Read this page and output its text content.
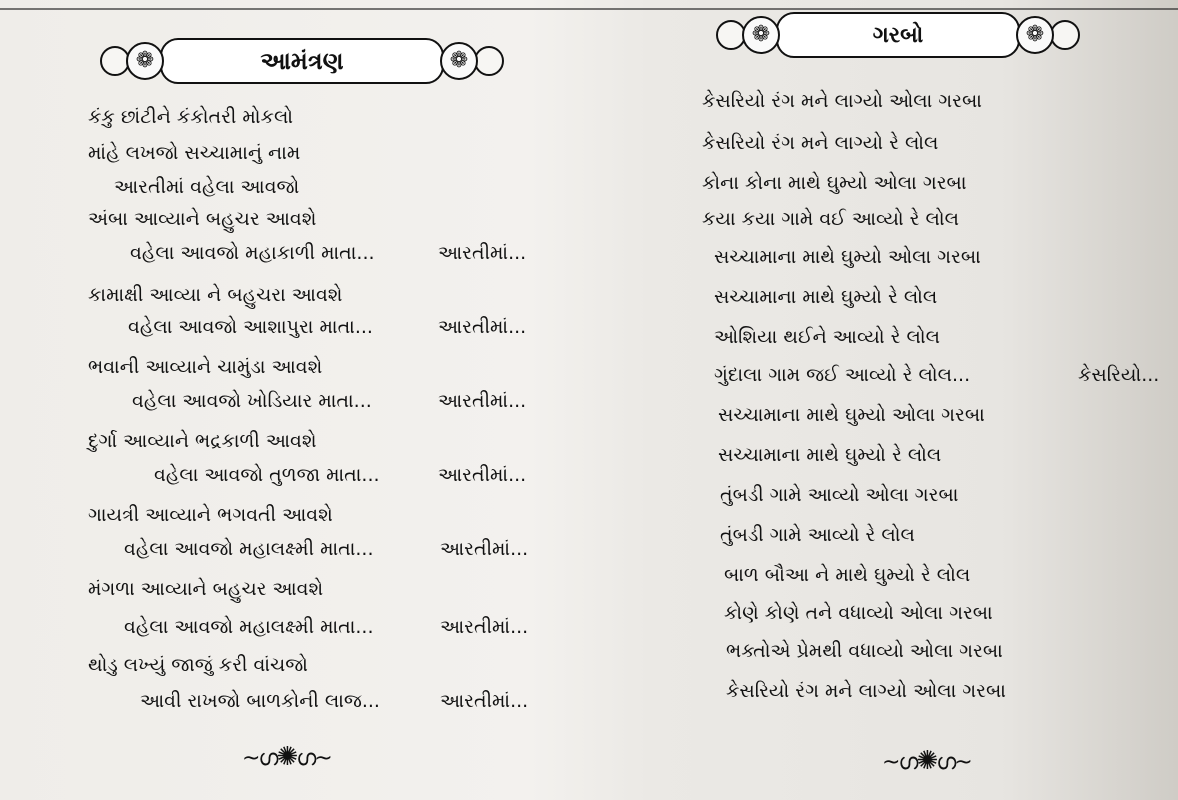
❁	આમંત્રણ	❁
કંકુ છાંટીને કંકોતરી મોકલો
માંહે લખજો સચ્ચામાનું નામ
આરતીમાં વહેલા આવજો
અંબા આવ્યાને બહુચર આવશે
વહેલા આવજો મહાકાળી માતા...	આરતીમાં...
કામાક્ષી આવ્યા ને બહુચરા આવશે
વહેલા આવજો આશાપુરા માતા...	આરતીમાં...
ભવાની આવ્યાને ચામુંડા આવશે
વહેલા આવજો ખોડિયાર માતા...	આરતીમાં...
દુર્ગા આવ્યાને ભદ્રકાળી આવશે
વહેલા આવજો તુળજા માતા...	આરતીમાં...
ગાયત્રી આવ્યાને ભગવતી આવશે
વહેલા આવજો મહાલક્ષ્મી માતા...	આરતીમાં...
મંગળા આવ્યાને બહુચર આવશે
વહેલા આવજો મહાલક્ષ્મી માતા...	આરતીમાં...
થોડુ લખ્યું જાજું કરી વાંચજો
આવી રાખજો બાળકોની લાજ...	આરતીમાં...
~ഗ✺ഗ~
❁	ગરબો	❁
કેસરિયો રંગ મને લાગ્યો ઓલા ગરબા
કેસરિયો રંગ મને લાગ્યો રે લોલ
કોના કોના માથે ઘુમ્યો ઓલા ગરબા
કયા કયા ગામે વઈ આવ્યો રે લોલ
સચ્ચામાના માથે ઘુમ્યો ઓલા ગરબા
સચ્ચામાના માથે ઘુમ્યો રે લોલ
ઓશિયા થઈને આવ્યો રે લોલ
ગુંદાલા ગામ જઈ આવ્યો રે લોલ...	કેસરિયો...
સચ્ચામાના માથે ઘુમ્યો ઓલા ગરબા
સચ્ચામાના માથે ઘુમ્યો રે લોલ
તુંબડી ગામે આવ્યો ઓલા ગરબા
તુંબડી ગામે આવ્યો રે લોલ
બાળ બૌઆ ને માથે ઘુમ્યો રે લોલ
કોણે કોણે તને વધાવ્યો ઓલા ગરબા
ભક્તોએ પ્રેમથી વધાવ્યો ઓલા ગરબા
કેસરિયો રંગ મને લાગ્યો ઓલા ગરબા
~ഗ✺ഗ~
